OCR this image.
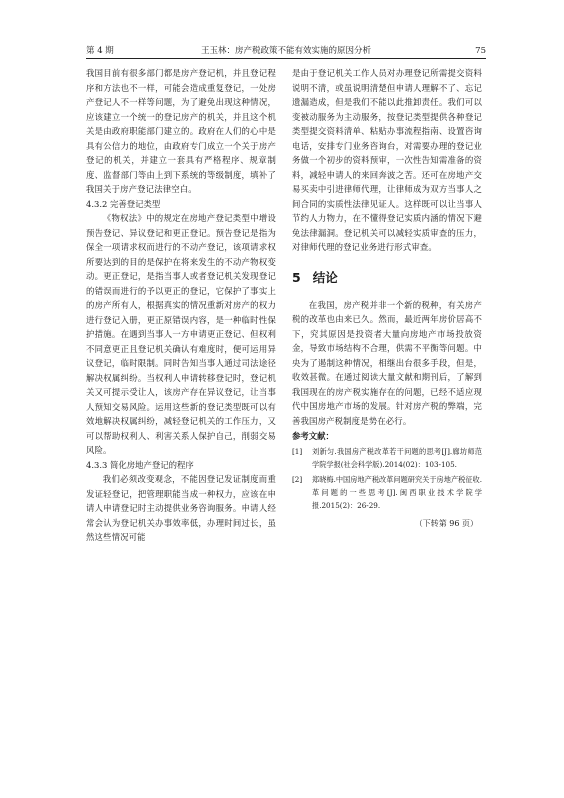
第 4 期	王玉林：房产税政策不能有效实施的原因分析	75

我国目前有很多部门都是房产登记机，并且登记程序和方法也不一样，可能会造成重复登记，一处房产登记人不一样等问题，为了避免出现这种情况，应该建立一个统一的登记房产的机关，并且这个机关是由政府职能部门建立的。政府在人们的心中是具有公信力的地位，由政府专门成立一个关于房产登记的机关，并建立一套具有严格程序、规章制度、监督部门等由上到下系统的等级制度，填补了我国关于房产登记法律空白。

4.3.2 完善登记类型

《物权法》中的规定在房地产登记类型中增设预告登记、异议登记和更正登记。预告登记是指为保全一项请求权而进行的不动产登记，该项请求权所要达到的目的是保护在将来发生的不动产物权变动。更正登记，是指当事人或者登记机关发现登记的错误而进行的予以更正的登记，它保护了事实上的房产所有人，根据真实的情况重新对房产的权力进行登记入册，更正原错误内容，是一种临时性保护措施。在遇到当事人一方申请更正登记、但权利不同意更正且登记机关确认有难度时，便可运用异议登记，临时限制。同时告知当事人通过司法途径解决权属纠纷。当权利人申请转移登记时，登记机关又可提示受让人，该房产存在异议登记，让当事人预知交易风险。运用这些新的登记类型既可以有效地解决权属纠纷，减轻登记机关的工作压力，又可以帮助权利人、利害关系人保护自己，削弱交易风险。

4.3.3 简化房地产登记的程序

我们必须改变观念，不能因登记发证制度而重发证轻登记，把管理职能当成一种权力，应该在申请人申请登记时主动提供业务咨询服务。申请人经常会认为登记机关办事效率低，办理时间过长，虽然这些情况可能

是由于登记机关工作人员对办理登记所需提交资料说明不清，或虽说明清楚但申请人理解不了、忘记遗漏造成，但是我们不能以此推卸责任。我们可以变被动服务为主动服务，按登记类型提供各种登记类型提交资料清单、粘贴办事流程指南、设置咨询电话，安排专门业务咨询台，对需要办理的登记业务做一个初步的资料预审，一次性告知需准备的资料，减轻申请人的来回奔波之苦。还可在房地产交易买卖中引进律师代理，让律师成为双方当事人之间合同的实质性法律见证人。这样既可以让当事人节约人力物力，在不懂得登记实质内涵的情况下避免法律漏洞。登记机关可以减轻实质审查的压力，对律师代理的登记业务进行形式审查。

5 结论

在我国，房产税并非一个新的税种，有关房产税的改革也由来已久。然而，最近两年房价居高不下，究其原因是投资者大量向房地产市场投放资金，导致市场结构不合理，供需不平衡等问题。中央为了遏制这种情况，相继出台很多手段，但是，收效甚微。在通过阅读大量文献和期刊后，了解到我国现在的房产税实施存在的问题，已经不适应现代中国房地产市场的发展。针对房产税的弊端，完善我国房产税制度是势在必行。

参考文献：
[1]	刘新匀.我国房产税改革若干问题的思考[J].廊坊师范学院学报(社会科学版).2014(02)：103-105.
[2]	郑晓梅.中国房地产税改革问题研究关于房地产税征收.革问题的一些思考[J].闽西职业技术学院学报.2015(2)：26-29.
（下转第 96 页）
